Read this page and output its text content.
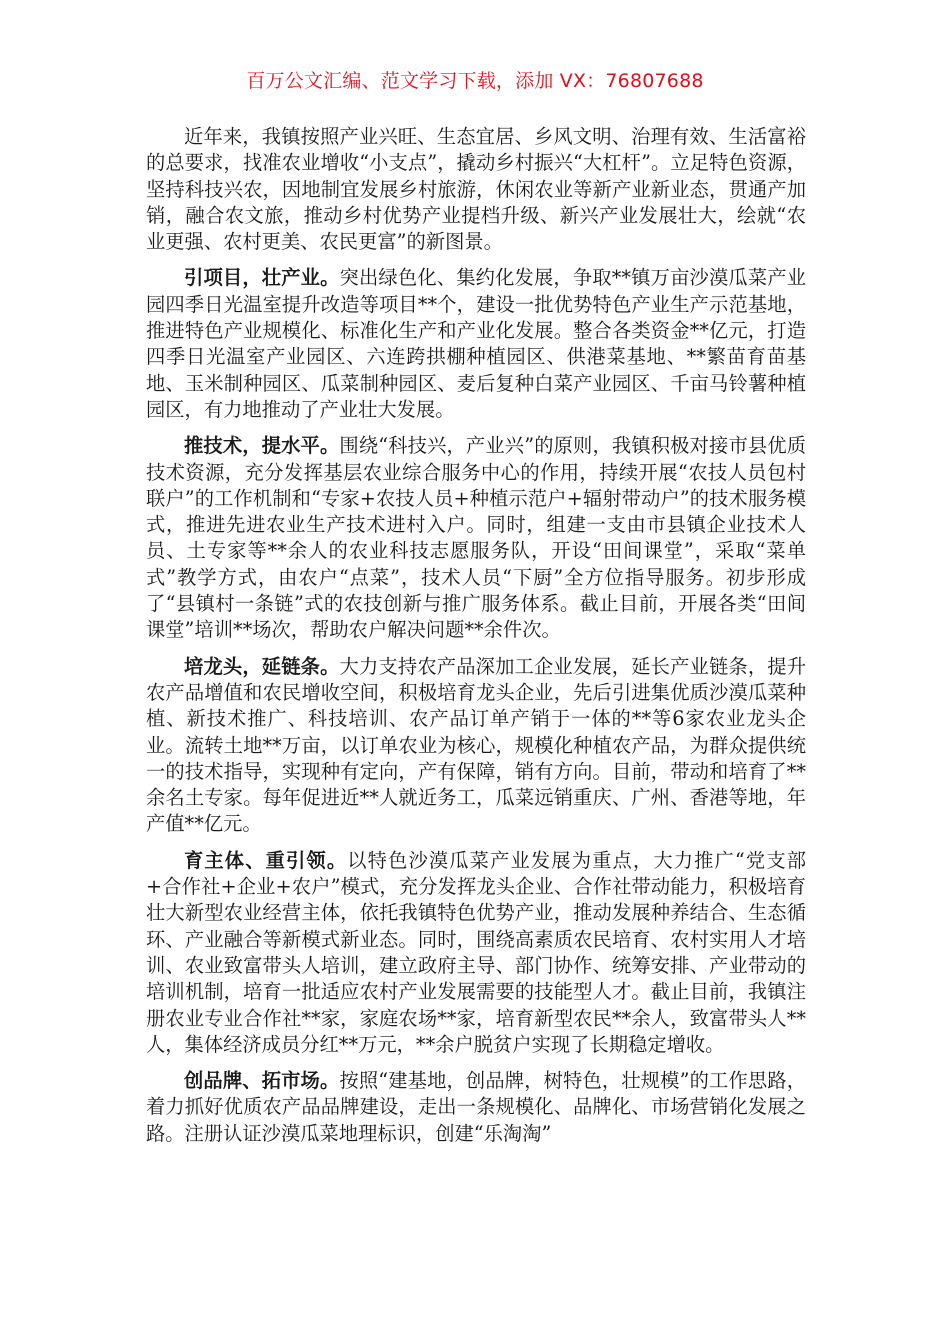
百万公文汇编、范文学习下载，添加 VX：76807688

近年来，我镇按照产业兴旺、生态宜居、乡风文明、治理有效、生活富裕的总要求，找准农业增收“小支点”，撬动乡村振兴“大杠杆”。立足特色资源，坚持科技兴农，因地制宜发展乡村旅游，休闲农业等新产业新业态，贯通产加销，融合农文旅，推动乡村优势产业提档升级、新兴产业发展壮大，绘就“农业更强、农村更美、农民更富”的新图景。

引项目，壮产业。突出绿色化、集约化发展，争取**镇万亩沙漠瓜菜产业园四季日光温室提升改造等项目**个，建设一批优势特色产业生产示范基地，推进特色产业规模化、标准化生产和产业化发展。整合各类资金**亿元，打造四季日光温室产业园区、六连跨拱棚种植园区、供港菜基地、**繁苗育苗基地、玉米制种园区、瓜菜制种园区、麦后复种白菜产业园区、千亩马铃薯种植园区，有力地推动了产业壮大发展。

推技术，提水平。围绕“科技兴，产业兴”的原则，我镇积极对接市县优质技术资源，充分发挥基层农业综合服务中心的作用，持续开展“农技人员包村联户”的工作机制和“专家+农技人员+种植示范户+辐射带动户”的技术服务模式，推进先进农业生产技术进村入户。同时，组建一支由市县镇企业技术人员、土专家等**余人的农业科技志愿服务队，开设“田间课堂”，采取“菜单式”教学方式，由农户“点菜”，技术人员“下厨”全方位指导服务。初步形成了“县镇村一条链”式的农技创新与推广服务体系。截止目前，开展各类“田间课堂”培训**场次，帮助农户解决问题**余件次。

培龙头，延链条。大力支持农产品深加工企业发展，延长产业链条，提升农产品增值和农民增收空间，积极培育龙头企业，先后引进集优质沙漠瓜菜种植、新技术推广、科技培训、农产品订单产销于一体的**等6家农业龙头企业。流转土地**万亩，以订单农业为核心，规模化种植农产品，为群众提供统一的技术指导，实现种有定向，产有保障，销有方向。目前，带动和培育了**余名土专家。每年促进近**人就近务工，瓜菜远销重庆、广州、香港等地，年产值**亿元。

育主体、重引领。以特色沙漠瓜菜产业发展为重点，大力推广“党支部+合作社+企业+农户”模式，充分发挥龙头企业、合作社带动能力，积极培育壮大新型农业经营主体，依托我镇特色优势产业，推动发展种养结合、生态循环、产业融合等新模式新业态。同时，围绕高素质农民培育、农村实用人才培训、农业致富带头人培训，建立政府主导、部门协作、统筹安排、产业带动的培训机制，培育一批适应农村产业发展需要的技能型人才。截止目前，我镇注册农业专业合作社**家，家庭农场**家，培育新型农民**余人，致富带头人**人，集体经济成员分红**万元，**余户脱贫户实现了长期稳定增收。

创品牌、拓市场。按照“建基地，创品牌，树特色，壮规模”的工作思路，着力抓好优质农产品品牌建设，走出一条规模化、品牌化、市场营销化发展之路。注册认证沙漠瓜菜地理标识，创建“乐淘淘”
